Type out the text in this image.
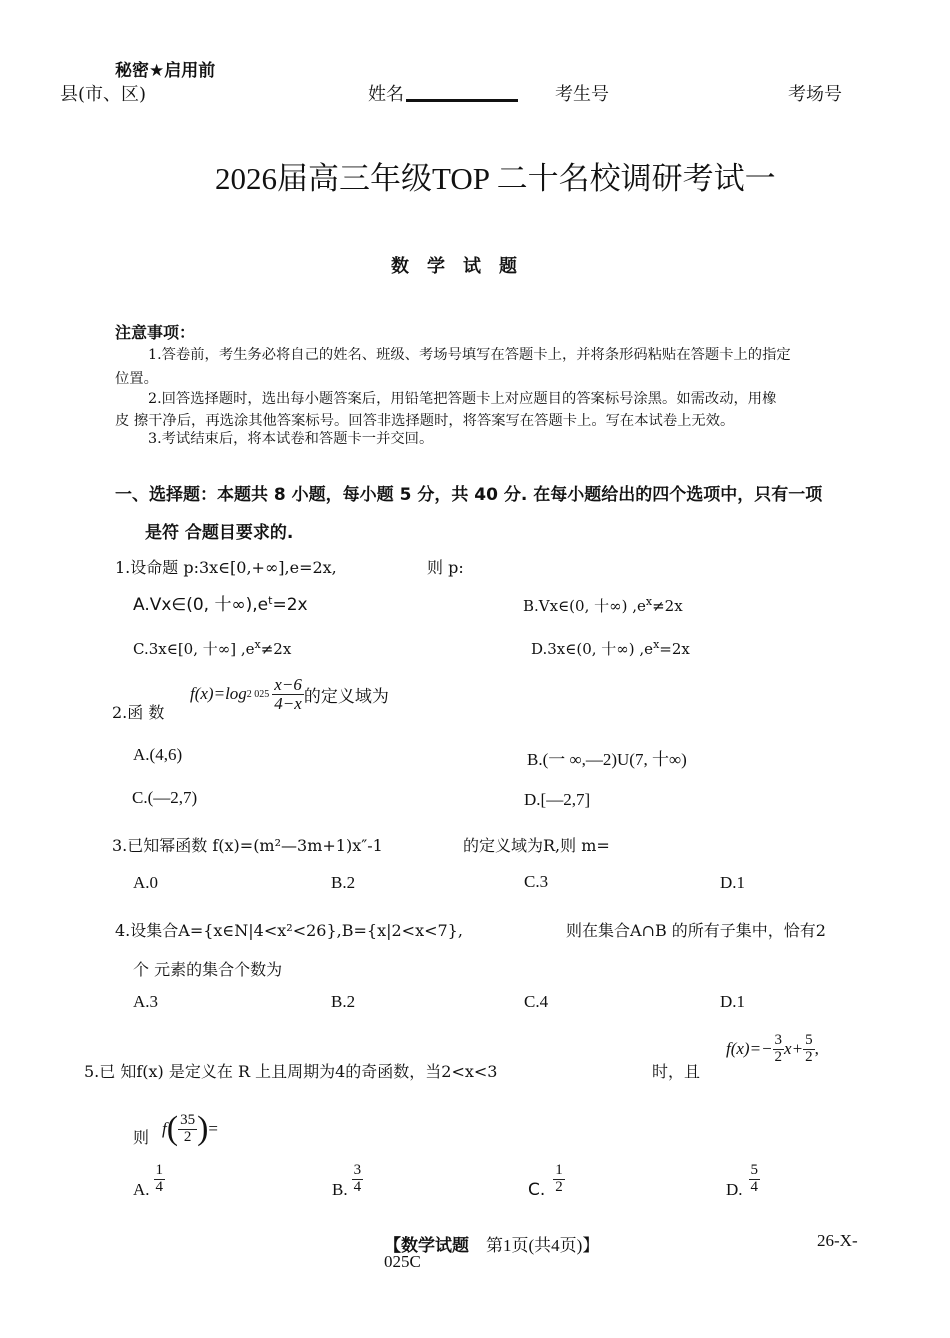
秘密★启用前
县(市、区)	姓名	考生号	考场号
2026届高三年级TOP 二十名校调研考试一
数　学　试　题
注意事项：
1.答卷前，考生务必将自己的姓名、班级、考场号填写在答题卡上，并将条形码粘贴在答题卡上的指定
位置。
2.回答选择题时，选出每小题答案后，用铅笔把答题卡上对应题目的答案标号涂黑。如需改动，用橡
皮 擦干净后，再选涂其他答案标号。回答非选择题时，将答案写在答题卡上。写在本试卷上无效。
3.考试结束后，将本试卷和答题卡一并交回。
一、选择题：本题共 8 小题，每小题 5 分，共 40 分. 在每小题给出的四个选项中，只有一项
是符 合题目要求的.
1.设命题 p:3x∈[0,+∞],e=2x,	则 p:
A.Vx∈(0, 十$\infty),e^t=2x$	B.Vx∈(0, 十∞) $,e^x\ne 2x$
C.3x∈[0, 十∞] $,e^x\ne 2x$	D.3x∈(0, 十∞) $,e^x=2x$
2.函 数
f(x)=log 2 $025 \frac{x-6}{4-x}$ 的定义域为
A.(4,6)	B.(一 ∞,—2)U(7, 十∞)
C.(—2,7)	D.[—2,7]
3.已知幂函数 f(x)=(m²—3m+1)x″-1	的定义域为R,则 m=
A.0	B.2	C.3	D.1
4.设集合A={x∈N|4<x²<26},B={x|2<x<7},	则在集合A∩B 的所有子集中，恰有2
个 元素的集合个数为
A.3	B.2	C.4	D.1
5.已 知f(x) 是定义在 R 上且周期为4的奇函数，当2<x<3	时，且
$f(x)=- \frac{3}{2} x+ \frac{5}{2}$ ,
则 f ( $\frac{35}{2}$ ) =
A. $\frac{1}{4}$	B. $\frac{3}{4}$	C. $\frac{1}{2}$	D. $\frac{5}{4}$
【数学试题　 第1页(共4页)】	26-X-
025C
